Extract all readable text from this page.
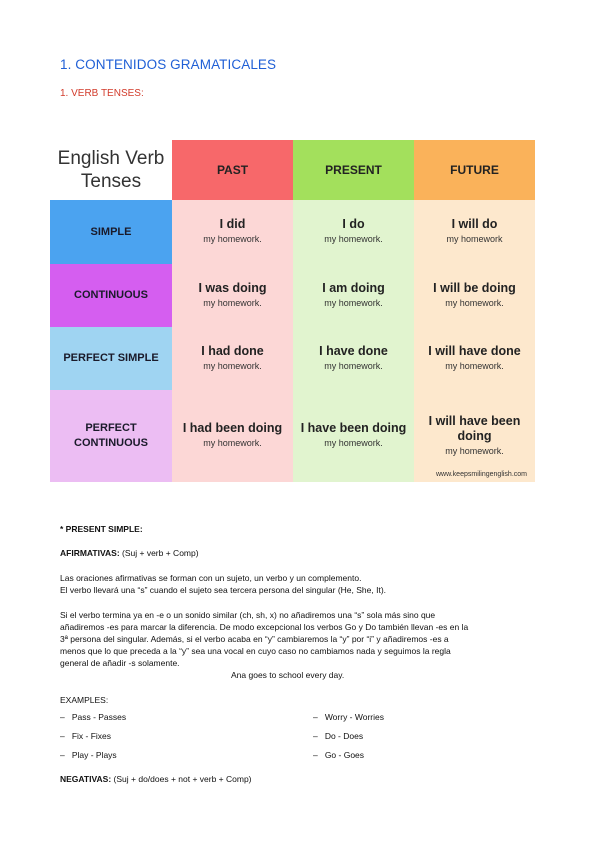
1. CONTENIDOS GRAMATICALES
1. VERB TENSES:
English Verb
Tenses
PAST	PRESENT	FUTURE
SIMPLE
I did
my homework.
I do
my homework.
I will do
my homework
CONTINUOUS
I was doing
my homework.
I am doing
my homework.
I will be doing
my homework.
PERFECT SIMPLE
I had done
my homework.
I have done
my homework.
I will have done
my homework.
PERFECT CONTINUOUS
I had been doing
my homework.
I have been doing
my homework.
I will have been doing
my homework.
www.keepsmilingenglish.com
* PRESENT SIMPLE:
AFIRMATIVAS: (Suj + verb + Comp)
Las oraciones afirmativas se forman con un sujeto, un verbo y un complemento.
El verbo llevará una “s” cuando el sujeto sea tercera persona del singular (He, She, It).
Si el verbo termina ya en -e o un sonido similar (ch, sh, x) no añadiremos una “s” sola más sino que
añadiremos -es para marcar la diferencia. De modo excepcional los verbos Go y Do también llevan -es en la
3ª persona del singular. Además, si el verbo acaba en “y” cambiaremos la “y” por “i” y añadiremos -es a
menos que lo que preceda a la “y” sea una vocal en cuyo caso no cambiamos nada y seguimos la regla
general de añadir -s solamente.
Ana goes to school every day.
EXAMPLES:
–   Pass - Passes
–   Fix - Fixes
–   Play - Plays
–   Worry - Worries
–   Do - Does
–   Go - Goes
NEGATIVAS: (Suj + do/does + not + verb + Comp)
